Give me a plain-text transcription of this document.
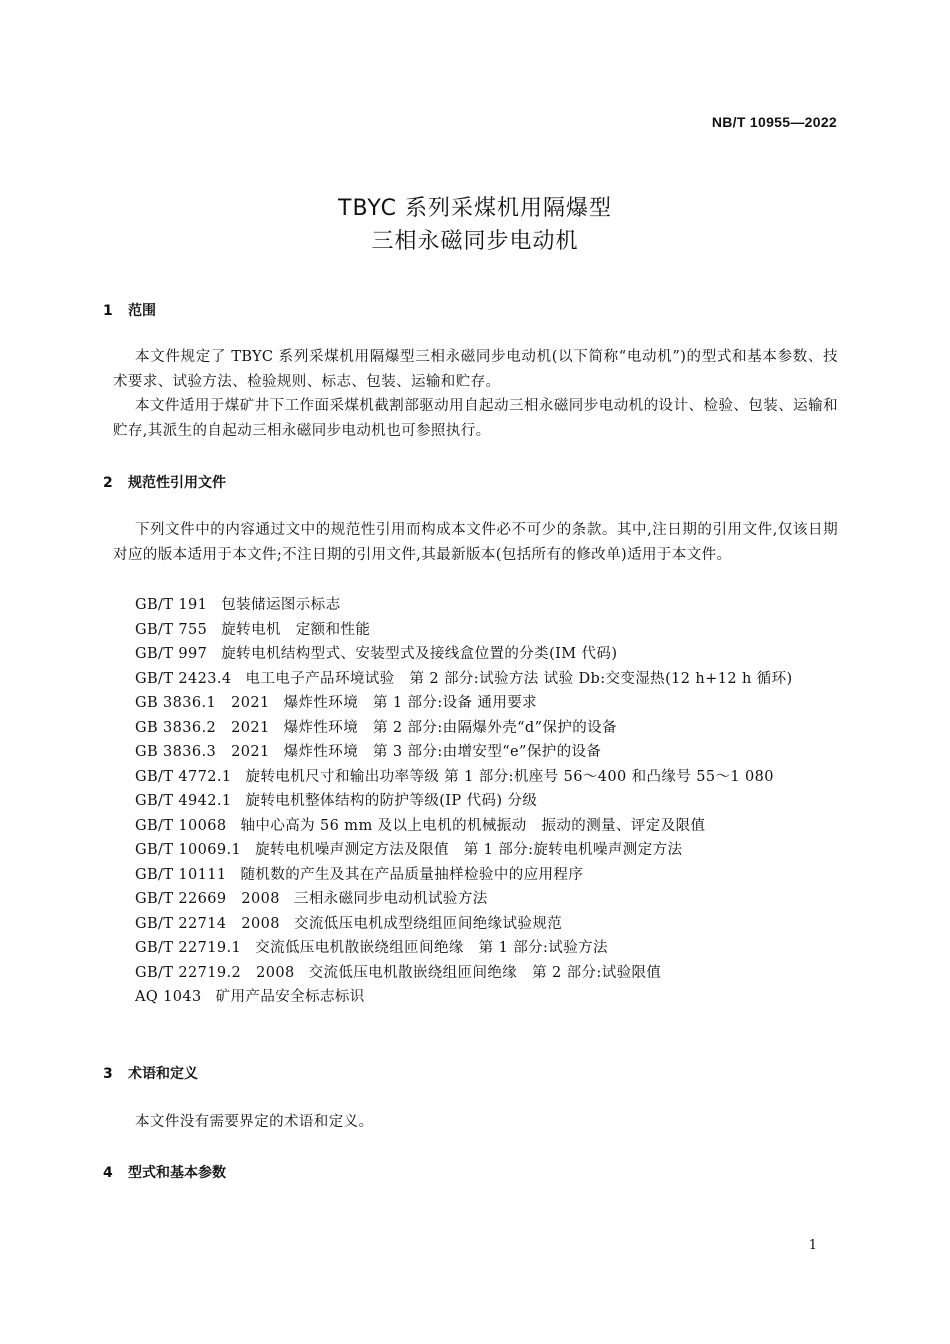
NB/T 10955—2022
TBYC 系列采煤机用隔爆型
三相永磁同步电动机
1 范围
本文件规定了 TBYC 系列采煤机用隔爆型三相永磁同步电动机(以下简称“电动机”)的型式和基本参数、技术要求、试验方法、检验规则、标志、包装、运输和贮存。
本文件适用于煤矿井下工作面采煤机截割部驱动用自起动三相永磁同步电动机的设计、检验、包装、运输和贮存,其派生的自起动三相永磁同步电动机也可参照执行。
2 规范性引用文件
下列文件中的内容通过文中的规范性引用而构成本文件必不可少的条款。其中,注日期的引用文件,仅该日期对应的版本适用于本文件;不注日期的引用文件,其最新版本(包括所有的修改单)适用于本文件。
GB/T 191 包装储运图示标志
GB/T 755 旋转电机　定额和性能
GB/T 997 旋转电机结构型式、安装型式及接线盒位置的分类(IM 代码)
GB/T 2423.4 电工电子产品环境试验　第 2 部分:试验方法 试验 Db:交变湿热(12 h+12 h 循环)
GB 3836.1　2021 爆炸性环境　第 1 部分:设备 通用要求
GB 3836.2　2021 爆炸性环境　第 2 部分:由隔爆外壳“d”保护的设备
GB 3836.3　2021 爆炸性环境　第 3 部分:由增安型“e”保护的设备
GB/T 4772.1 旋转电机尺寸和输出功率等级 第 1 部分:机座号 56～400 和凸缘号 55～1 080
GB/T 4942.1 旋转电机整体结构的防护等级(IP 代码) 分级
GB/T 10068 轴中心高为 56 mm 及以上电机的机械振动　振动的测量、评定及限值
GB/T 10069.1 旋转电机噪声测定方法及限值　第 1 部分:旋转电机噪声测定方法
GB/T 10111 随机数的产生及其在产品质量抽样检验中的应用程序
GB/T 22669　2008 三相永磁同步电动机试验方法
GB/T 22714　2008 交流低压电机成型绕组匝间绝缘试验规范
GB/T 22719.1 交流低压电机散嵌绕组匝间绝缘　第 1 部分:试验方法
GB/T 22719.2　2008 交流低压电机散嵌绕组匝间绝缘　第 2 部分:试验限值
AQ 1043 矿用产品安全标志标识
3 术语和定义
本文件没有需要界定的术语和定义。
4 型式和基本参数
1
